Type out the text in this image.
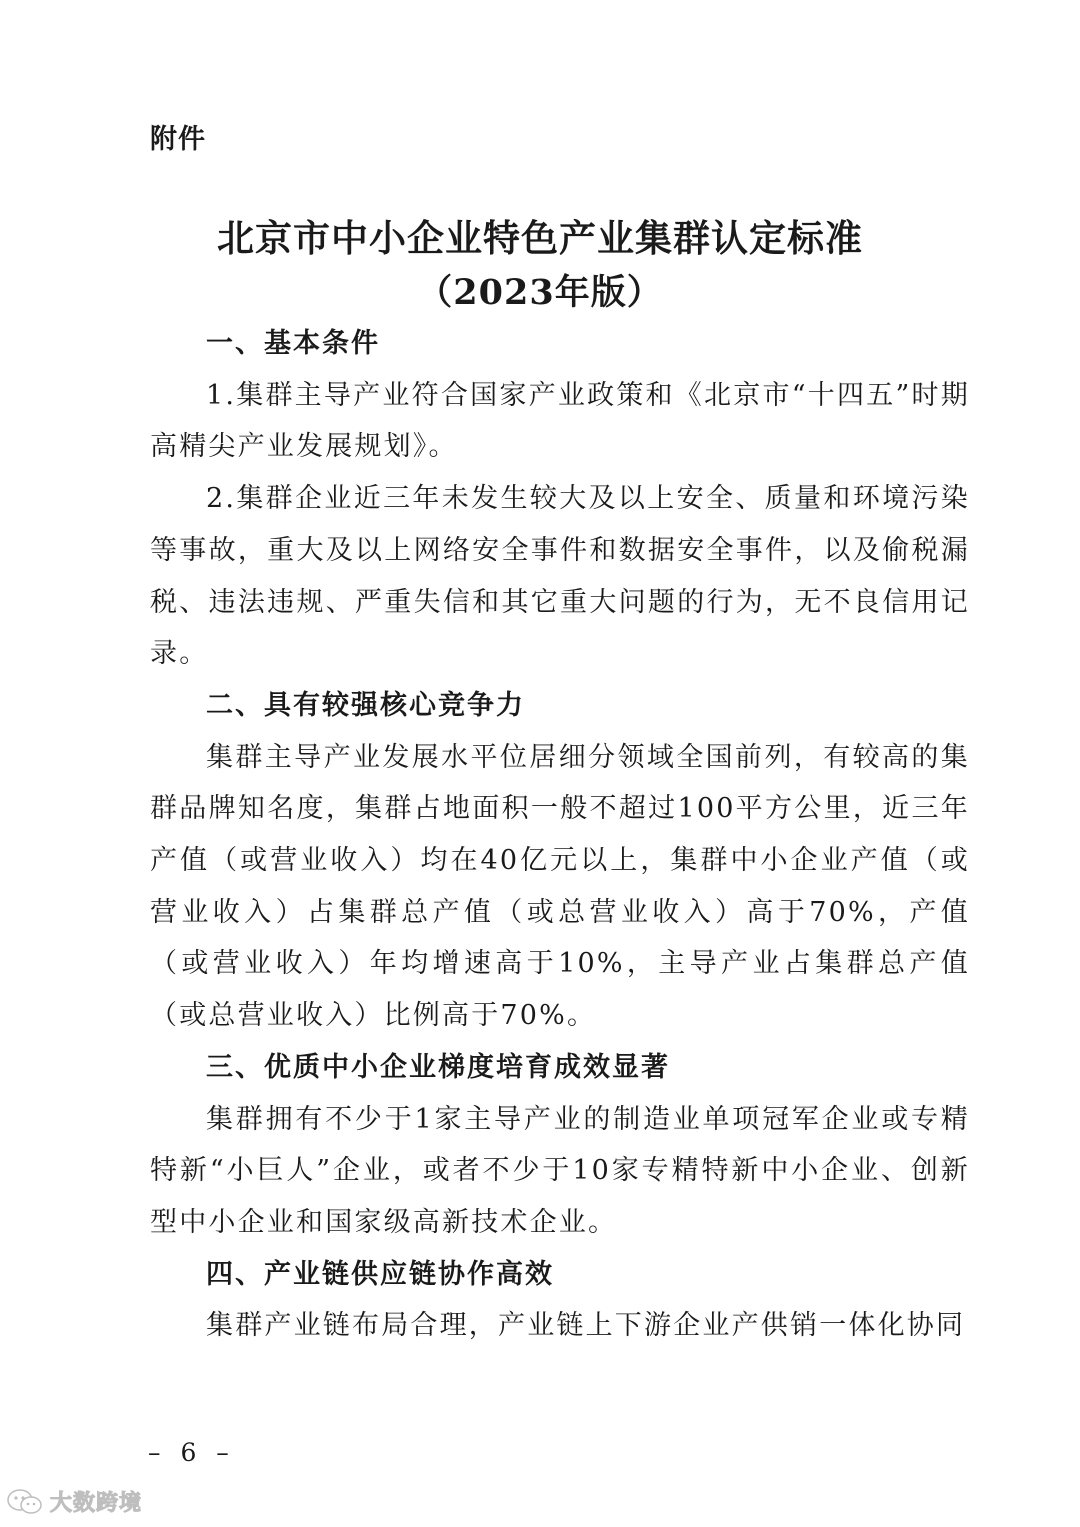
附件
北京市中小企业特色产业集群认定标准
（2023年版）

一、基本条件

1.集群主导产业符合国家产业政策和《北京市“十四五”时期高精尖产业发展规划》。

2.集群企业近三年未发生较大及以上安全、质量和环境污染等事故，重大及以上网络安全事件和数据安全事件，以及偷税漏税、违法违规、严重失信和其它重大问题的行为，无不良信用记录。

二、具有较强核心竞争力

集群主导产业发展水平位居细分领域全国前列，有较高的集群品牌知名度，集群占地面积一般不超过100平方公里，近三年产值（或营业收入）均在40亿元以上，集群中小企业产值（或营业收入）占集群总产值（或总营业收入）高于70%，产值（或营业收入）年均增速高于10%，主导产业占集群总产值（或总营业收入）比例高于70%。

三、优质中小企业梯度培育成效显著

集群拥有不少于1家主导产业的制造业单项冠军企业或专精特新“小巨人”企业，或者不少于10家专精特新中小企业、创新型中小企业和国家级高新技术企业。

四、产业链供应链协作高效

集群产业链布局合理，产业链上下游企业产供销一体化协同

– 6 –
大数跨境
